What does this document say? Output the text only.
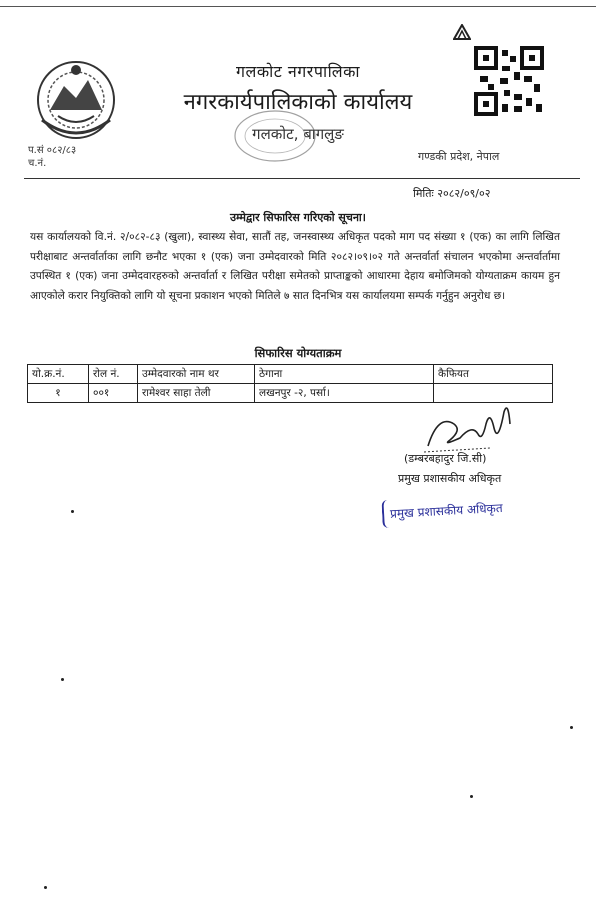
गलकोट नगरपालिका
नगरकार्यपालिकाको कार्यालय
गलकोट, बागलुङ
प.सं ०८२/८३
च.नं.
गण्डकी प्रदेश, नेपाल
मितिः २०८२/०९/०२
उम्मेद्वार सिफारिस गरिएको सूचना।
यस कार्यालयको वि.नं. २/०८२-८३ (खुला), स्वास्थ्य सेवा, सातौं तह, जनस्वास्थ्य अधिकृत पदको माग पद संख्या १ (एक) का लागि लिखित परीक्षाबाट अन्तर्वार्ताका लागि छनौट भएका १ (एक) जना उम्मेदवारको मिति २०८२।०९।०२ गते अन्तर्वार्ता संचालन भएकोमा अन्तर्वार्तामा उपस्थित १ (एक) जना उम्मेदवारहरुको अन्तर्वार्ता र लिखित परीक्षा समेतको प्राप्ताङ्कको आधारमा देहाय बमोजिमको योग्यताक्रम कायम हुन आएकोले करार नियुक्तिको लागि यो सूचना प्रकाशन भएको मितिले ७ सात दिनभित्र यस कार्यालयमा सम्पर्क गर्नुहुन अनुरोध छ।
सिफारिस योग्यताक्रम
यो.क्र.नं.	रोल नं.	उम्मेदवारको नाम थर	ठेगाना	कैफियत
१	००१	रामेश्वर साहा तेली	लखनपुर -२, पर्सा।	
(डम्बरबहादुर जि.सी)
प्रमुख प्रशासकीय अधिकृत
प्रमुख प्रशासकीय अधिकृत
